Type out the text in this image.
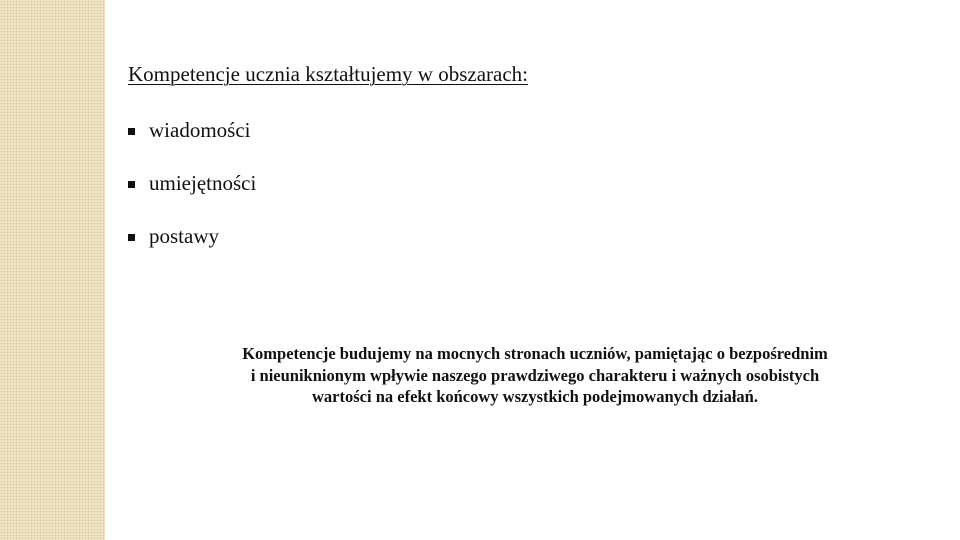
Kompetencje ucznia kształtujemy w obszarach:
wiadomości
umiejętności
postawy
Kompetencje budujemy na mocnych stronach uczniów, pamiętając o bezpośrednim
i nieuniknionym wpływie naszego prawdziwego charakteru i ważnych osobistych
wartości na efekt końcowy wszystkich podejmowanych działań.
